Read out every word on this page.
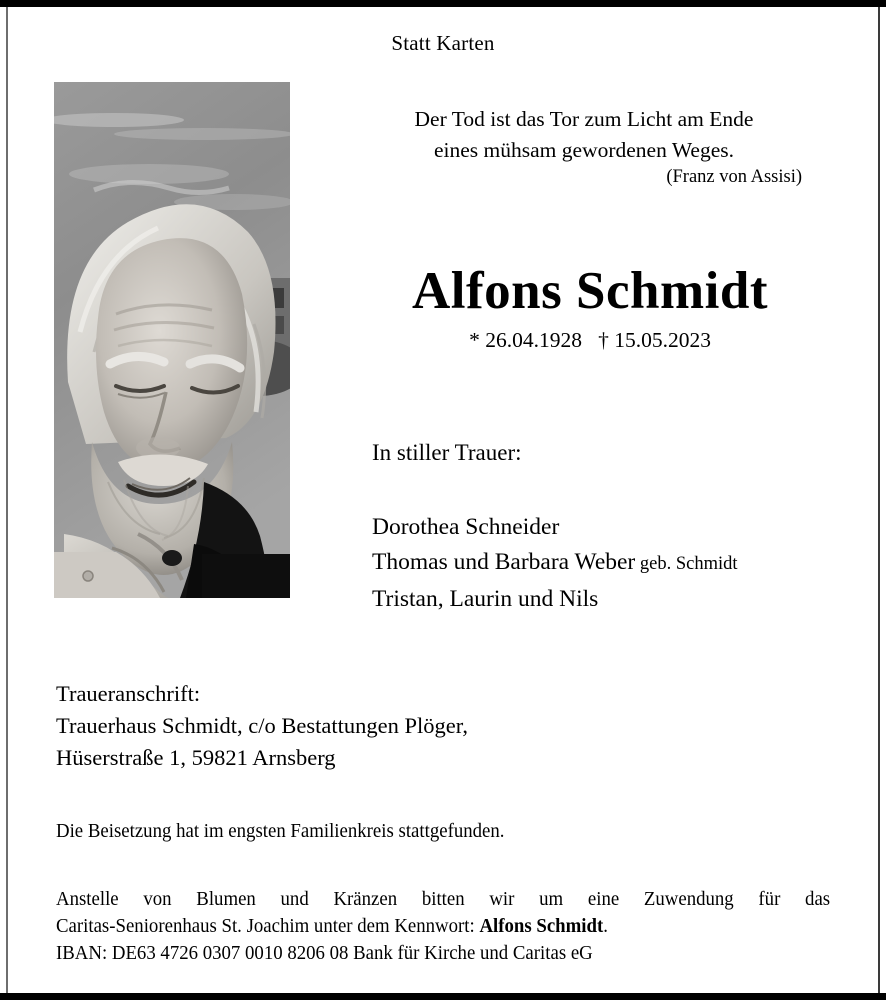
Statt Karten
Der Tod ist das Tor zum Licht am Ende
eines mühsam gewordenen Weges.
(Franz von Assisi)
Alfons Schmidt
* 26.04.1928   † 15.05.2023
In stiller Trauer:
Dorothea Schneider
Thomas und Barbara Weber geb. Schmidt
Tristan, Laurin und Nils
Traueranschrift:
Trauerhaus Schmidt, c/o Bestattungen Plöger,
Hüserstraße 1, 59821 Arnsberg
Die Beisetzung hat im engsten Familienkreis stattgefunden.
Anstelle von Blumen und Kränzen bitten wir um eine Zuwendung für das
Caritas-Seniorenhaus St. Joachim unter dem Kennwort: Alfons Schmidt.
IBAN: DE63 4726 0307 0010 8206 08 Bank für Kirche und Caritas eG
